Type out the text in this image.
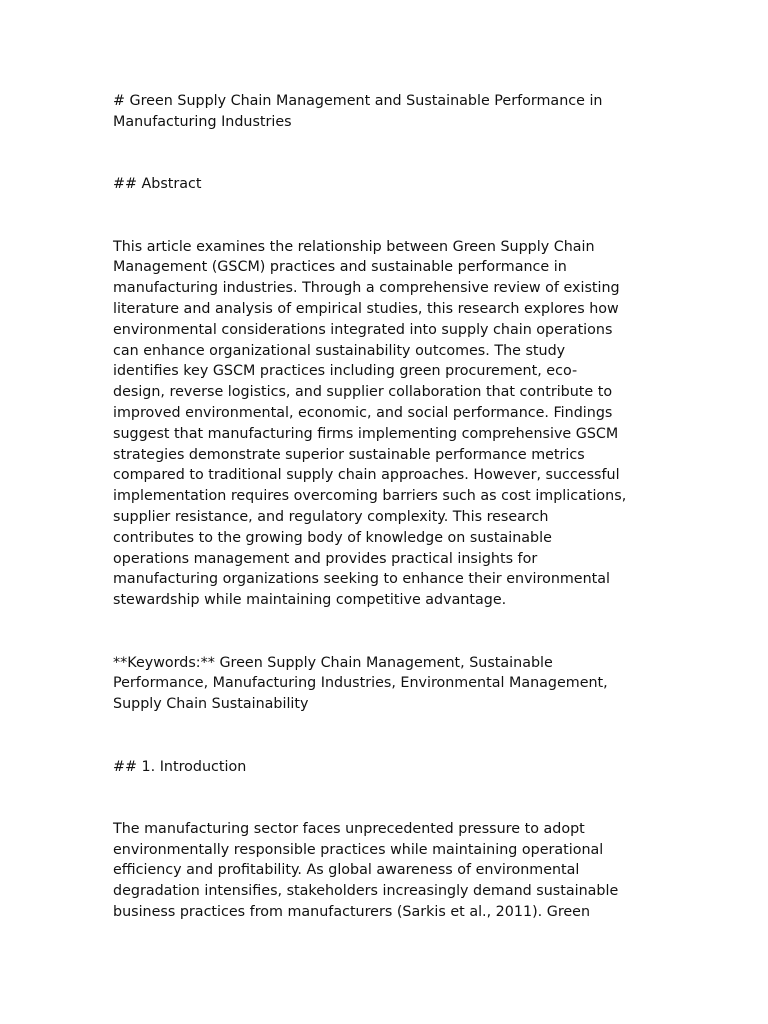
# Green Supply Chain Management and Sustainable Performance in
Manufacturing Industries

## Abstract

This article examines the relationship between Green Supply Chain
Management (GSCM) practices and sustainable performance in
manufacturing industries. Through a comprehensive review of existing
literature and analysis of empirical studies, this research explores how
environmental considerations integrated into supply chain operations
can enhance organizational sustainability outcomes. The study
identifies key GSCM practices including green procurement, eco-
design, reverse logistics, and supplier collaboration that contribute to
improved environmental, economic, and social performance. Findings
suggest that manufacturing firms implementing comprehensive GSCM
strategies demonstrate superior sustainable performance metrics
compared to traditional supply chain approaches. However, successful
implementation requires overcoming barriers such as cost implications,
supplier resistance, and regulatory complexity. This research
contributes to the growing body of knowledge on sustainable
operations management and provides practical insights for
manufacturing organizations seeking to enhance their environmental
stewardship while maintaining competitive advantage.

**Keywords:** Green Supply Chain Management, Sustainable
Performance, Manufacturing Industries, Environmental Management,
Supply Chain Sustainability

## 1. Introduction

The manufacturing sector faces unprecedented pressure to adopt
environmentally responsible practices while maintaining operational
efficiency and profitability. As global awareness of environmental
degradation intensifies, stakeholders increasingly demand sustainable
business practices from manufacturers (Sarkis et al., 2011). Green
